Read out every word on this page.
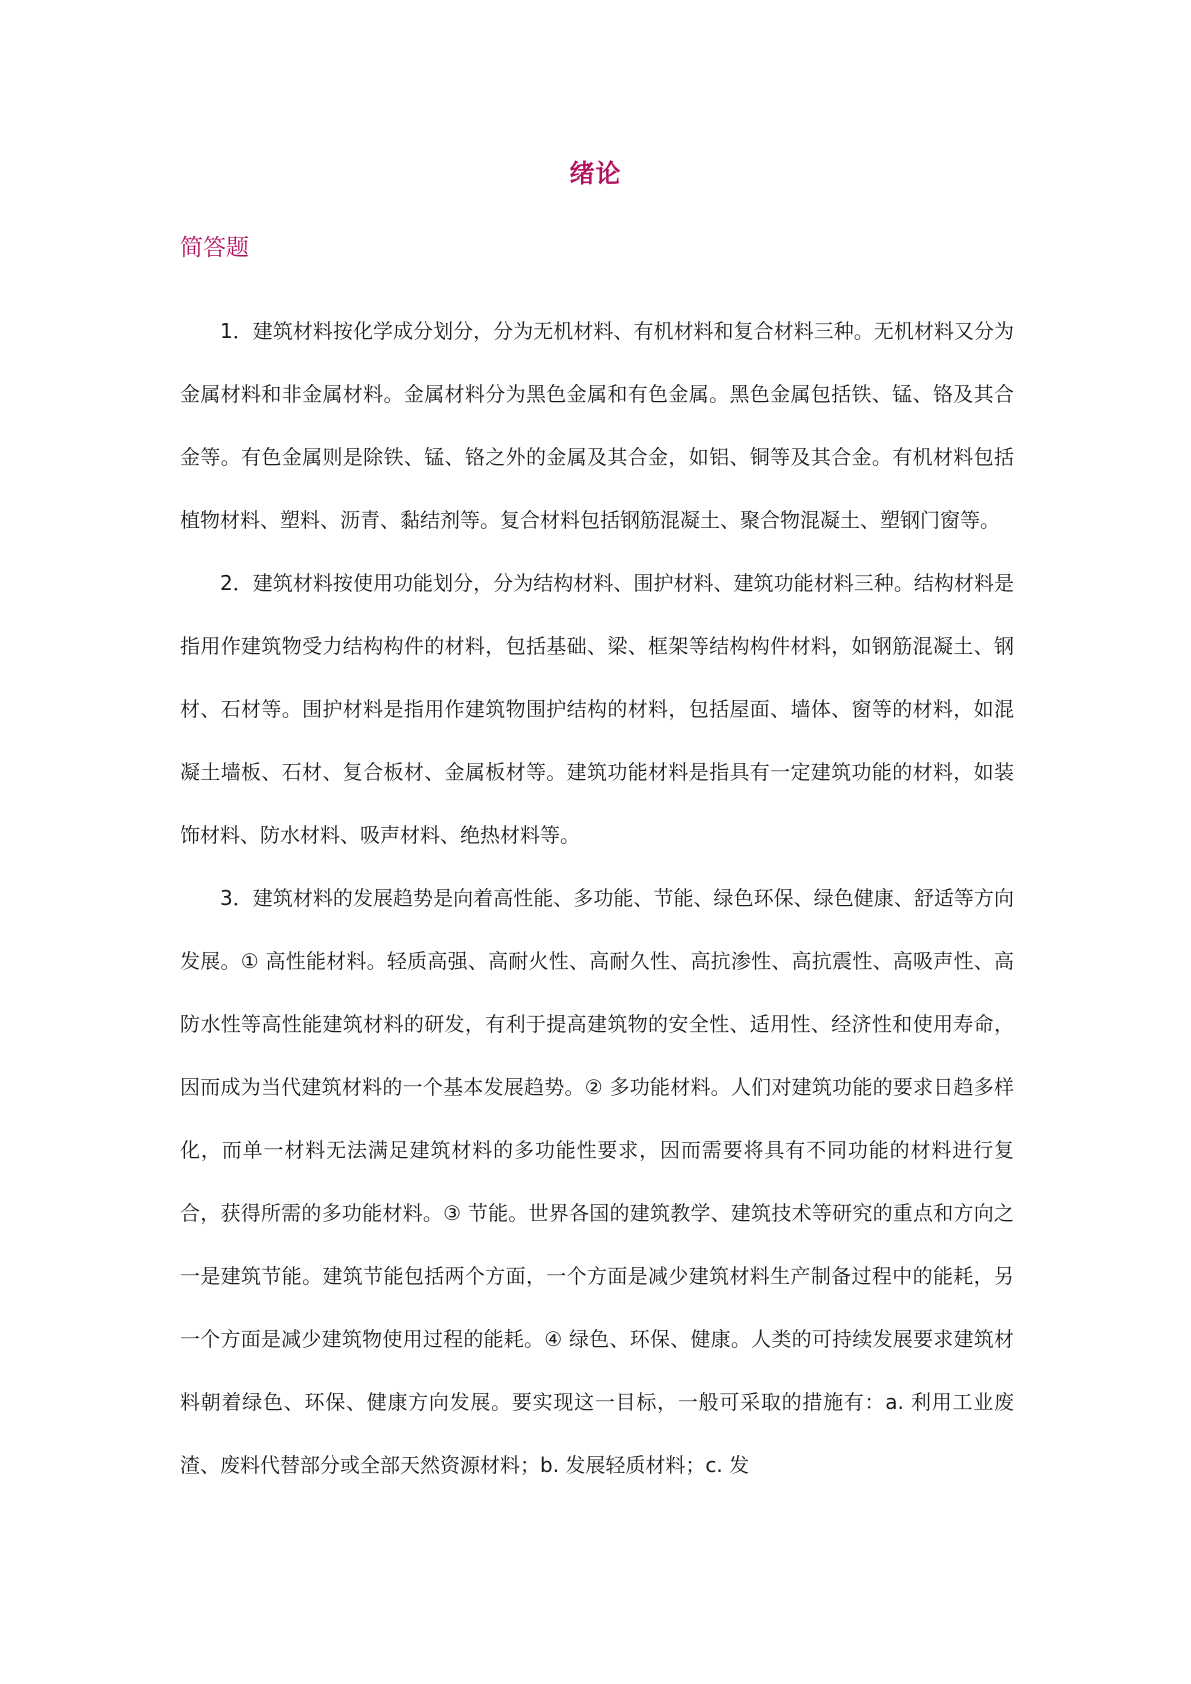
绪论
简答题

1．建筑材料按化学成分划分，分为无机材料、有机材料和复合材料三种。无机材料又分为金属材料和非金属材料。金属材料分为黑色金属和有色金属。黑色金属包括铁、锰、铬及其合金等。有色金属则是除铁、锰、铬之外的金属及其合金，如铝、铜等及其合金。有机材料包括植物材料、塑料、沥青、黏结剂等。复合材料包括钢筋混凝土、聚合物混凝土、塑钢门窗等。

2．建筑材料按使用功能划分，分为结构材料、围护材料、建筑功能材料三种。结构材料是指用作建筑物受力结构构件的材料，包括基础、梁、框架等结构构件材料，如钢筋混凝土、钢材、石材等。围护材料是指用作建筑物围护结构的材料，包括屋面、墙体、窗等的材料，如混凝土墙板、石材、复合板材、金属板材等。建筑功能材料是指具有一定建筑功能的材料，如装饰材料、防水材料、吸声材料、绝热材料等。

3．建筑材料的发展趋势是向着高性能、多功能、节能、绿色环保、绿色健康、舒适等方向发展。① 高性能材料。轻质高强、高耐火性、高耐久性、高抗渗性、高抗震性、高吸声性、高防水性等高性能建筑材料的研发，有利于提高建筑物的安全性、适用性、经济性和使用寿命，因而成为当代建筑材料的一个基本发展趋势。② 多功能材料。人们对建筑功能的要求日趋多样化，而单一材料无法满足建筑材料的多功能性要求，因而需要将具有不同功能的材料进行复合，获得所需的多功能材料。③ 节能。世界各国的建筑教学、建筑技术等研究的重点和方向之一是建筑节能。建筑节能包括两个方面，一个方面是减少建筑材料生产制备过程中的能耗，另一个方面是减少建筑物使用过程的能耗。④ 绿色、环保、健康。人类的可持续发展要求建筑材料朝着绿色、环保、健康方向发展。要实现这一目标，一般可采取的措施有：a. 利用工业废渣、废料代替部分或全部天然资源材料；b. 发展轻质材料；c. 发
